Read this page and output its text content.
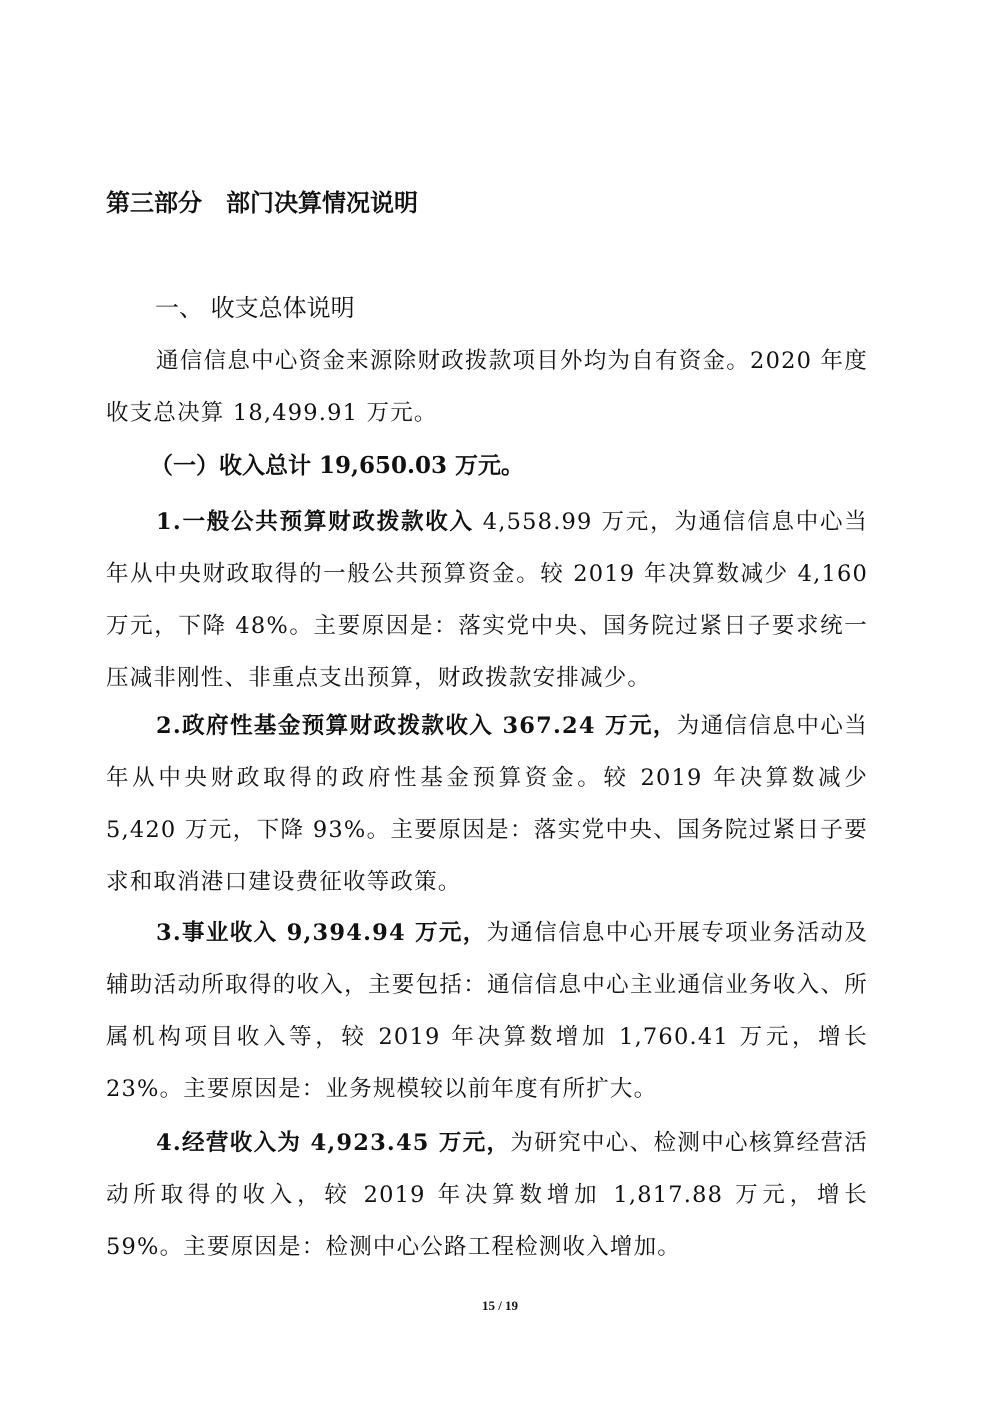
第三部分　部门决算情况说明
一、 收支总体说明
通信信息中心资金来源除财政拨款项目外均为自有资金。2020 年度收支总决算 18,499.91 万元。
（一）收入总计 19,650.03 万元。
1.一般公共预算财政拨款收入 4,558.99 万元，为通信信息中心当年从中央财政取得的一般公共预算资金。较 2019 年决算数减少 4,160 万元，下降 48%。主要原因是：落实党中央、国务院过紧日子要求统一压减非刚性、非重点支出预算，财政拨款安排减少。
2.政府性基金预算财政拨款收入 367.24 万元，为通信信息中心当年从中央财政取得的政府性基金预算资金。较 2019 年决算数减少 5,420 万元，下降 93%。主要原因是：落实党中央、国务院过紧日子要求和取消港口建设费征收等政策。
3.事业收入 9,394.94 万元，为通信信息中心开展专项业务活动及辅助活动所取得的收入，主要包括：通信信息中心主业通信业务收入、所属机构项目收入等，较 2019 年决算数增加 1,760.41 万元，增长 23%。主要原因是：业务规模较以前年度有所扩大。
4.经营收入为 4,923.45 万元，为研究中心、检测中心核算经营活动所取得的收入，较 2019 年决算数增加 1,817.88 万元，增长 59%。主要原因是：检测中心公路工程检测收入增加。
15 / 19
